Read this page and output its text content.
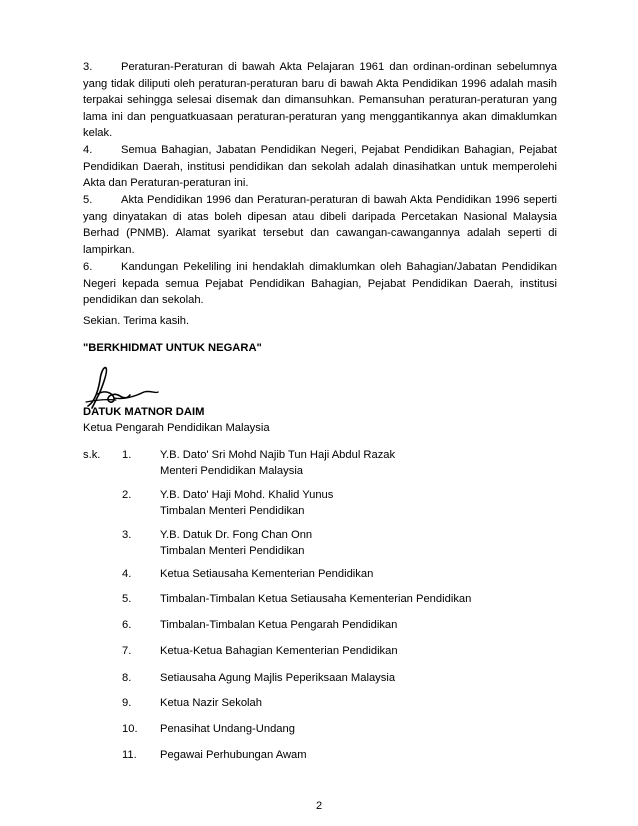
3.	Peraturan-Peraturan di bawah Akta Pelajaran 1961 dan ordinan-ordinan sebelumnya yang tidak diliputi oleh peraturan-peraturan baru di bawah Akta Pendidikan 1996 adalah masih terpakai sehingga selesai disemak dan dimansuhkan. Pemansuhan peraturan-peraturan yang lama ini dan penguatkuasaan peraturan-peraturan yang menggantikannya akan dimaklumkan kelak.
4.	Semua Bahagian, Jabatan Pendidikan Negeri, Pejabat Pendidikan Bahagian, Pejabat Pendidikan Daerah, institusi pendidikan dan sekolah adalah dinasihatkan untuk memperolehi Akta dan Peraturan-peraturan ini.
5.	Akta Pendidikan 1996 dan Peraturan-peraturan di bawah Akta Pendidikan 1996 seperti yang dinyatakan di atas boleh dipesan atau dibeli daripada Percetakan Nasional Malaysia Berhad (PNMB). Alamat syarikat tersebut dan cawangan-cawangannya adalah seperti di lampirkan.
6.	Kandungan Pekeliling ini hendaklah dimaklumkan oleh Bahagian/Jabatan Pendidikan Negeri kepada semua Pejabat Pendidikan Bahagian, Pejabat Pendidikan Daerah, institusi pendidikan dan sekolah.
Sekian. Terima kasih.
"BERKHIDMAT UNTUK NEGARA"
DATUK MATNOR DAIM
Ketua Pengarah Pendidikan Malaysia
s.k. 1.	Y.B. Dato' Sri Mohd Najib Tun Haji Abdul Razak
Menteri Pendidikan Malaysia
2.	Y.B. Dato' Haji Mohd. Khalid Yunus
Timbalan Menteri Pendidikan
3.	Y.B. Datuk Dr. Fong Chan Onn
Timbalan Menteri Pendidikan
4.	Ketua Setiausaha Kementerian Pendidikan
5.	Timbalan-Timbalan Ketua Setiausaha Kementerian Pendidikan
6.	Timbalan-Timbalan Ketua Pengarah Pendidikan
7.	Ketua-Ketua Bahagian Kementerian Pendidikan
8.	Setiausaha Agung Majlis Peperiksaan Malaysia
9.	Ketua Nazir Sekolah
10. Penasihat Undang-Undang
11. Pegawai Perhubungan Awam
2
